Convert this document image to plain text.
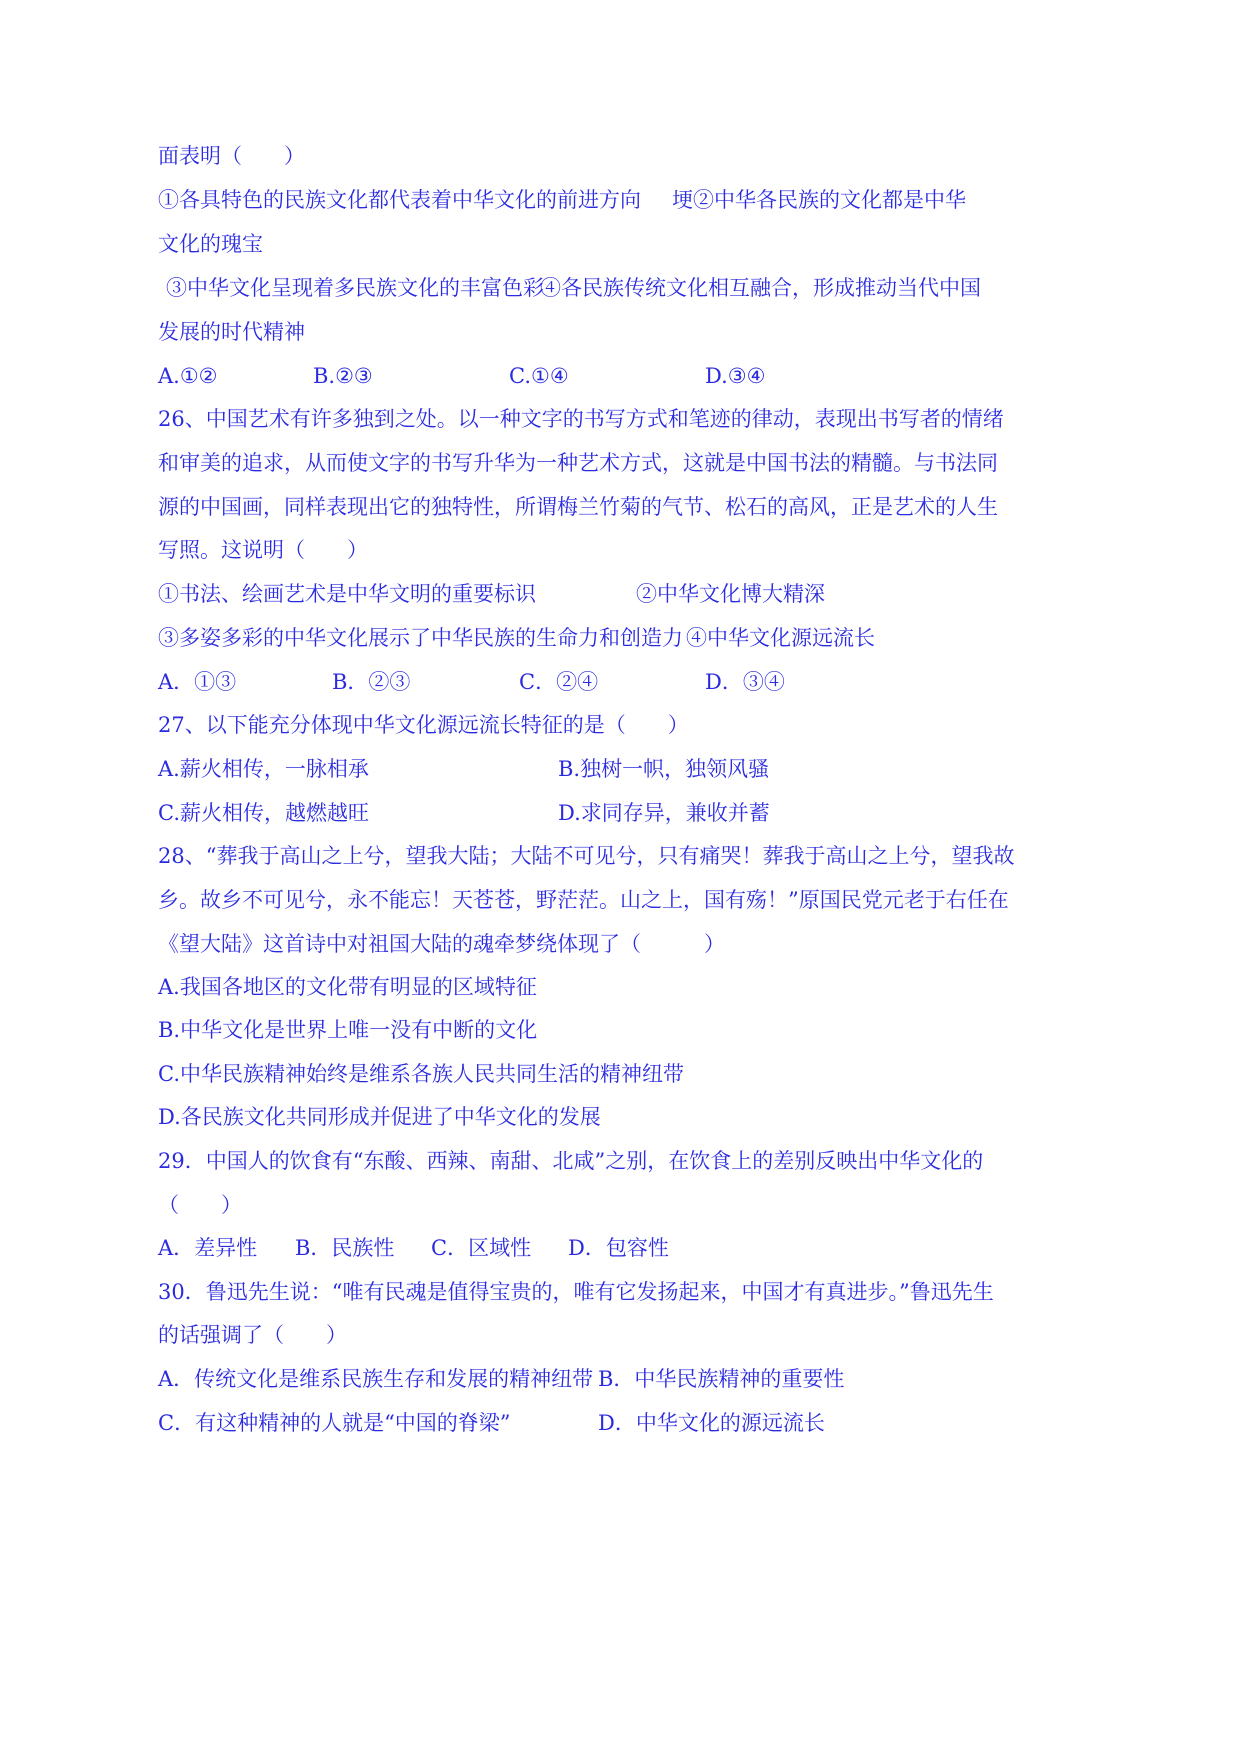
面表明（　　）
①各具特色的民族文化都代表着中华文化的前进方向 埂②中华各民族的文化都是中华
文化的瑰宝
③中华文化呈现着多民族文化的丰富色彩
④各民族传统文化相互融合，形成推动当代中国
发展的时代精神
A.①②	B.②③	C.①④	D.③④
26、中国艺术有许多独到之处。以一种文字的书写方式和笔迹的律动，表现出书写者的情绪
和审美的追求，从而使文字的书写升华为一种艺术方式，这就是中国书法的精髓。与书法同
源的中国画，同样表现出它的独特性，所谓梅兰竹菊的气节、松石的高风，正是艺术的人生
写照。这说明（　　）
①书法、绘画艺术是中华文明的重要标识	②中华文化博大精深
③多姿多彩的中华文化展示了中华民族的生命力和创造力 ④中华文化源远流长
A．①③	B．②③	C．②④	D．③④
27、以下能充分体现中华文化源远流长特征的是（　　）
A.薪火相传，一脉相承	B.独树一帜，独领风骚
C.薪火相传，越燃越旺	D.求同存异，兼收并蓄
28、“葬我于高山之上兮，望我大陆；大陆不可见兮，只有痛哭！葬我于高山之上兮，望我故
乡。故乡不可见兮，永不能忘！天苍苍，野茫茫。山之上，国有殇！”原国民党元老于右任在
《望大陆》这首诗中对祖国大陆的魂牵梦绕体现了（　　　）
A.我国各地区的文化带有明显的区域特征
B.中华文化是世界上唯一没有中断的文化
C.中华民族精神始终是维系各族人民共同生活的精神纽带
D.各民族文化共同形成并促进了中华文化的发展
29．中国人的饮食有“东酸、西辣、南甜、北咸”之别，在饮食上的差别反映出中华文化的
（　　）
A．差异性 B．民族性 C．区域性 D．包容性
30．鲁迅先生说：“唯有民魂是值得宝贵的，唯有它发扬起来，中国才有真进步。”鲁迅先生
的话强调了（　　）
A．传统文化是维系民族生存和发展的精神纽带 B．中华民族精神的重要性
C．有这种精神的人就是“中国的脊梁”	D．中华文化的源远流长
